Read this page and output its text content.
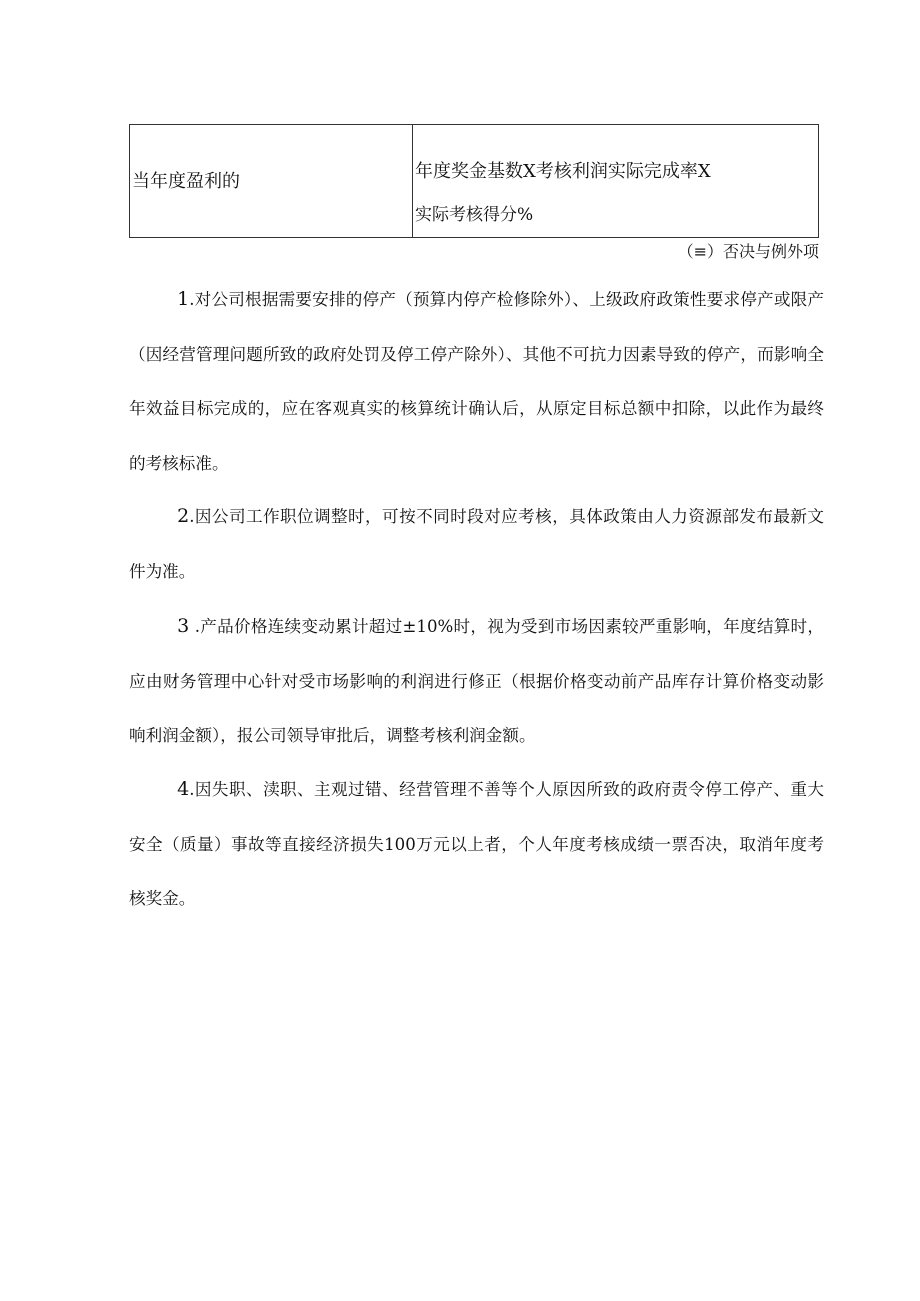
当年度盈利的	年度奖金基数X考核利润实际完成率X
实际考核得分%
（≡）否决与例外项

1.对公司根据需要安排的停产（预算内停产检修除外）、上级政府政策性要求停产或限产（因经营管理问题所致的政府处罚及停工停产除外）、其他不可抗力因素导致的停产，而影响全年效益目标完成的，应在客观真实的核算统计确认后，从原定目标总额中扣除，以此作为最终的考核标准。

2.因公司工作职位调整时，可按不同时段对应考核，具体政策由人力资源部发布最新文件为准。

3 .产品价格连续变动累计超过±10%时，视为受到市场因素较严重影响，年度结算时，应由财务管理中心针对受市场影响的利润进行修正（根据价格变动前产品库存计算价格变动影响利润金额），报公司领导审批后，调整考核利润金额。

4.因失职、渎职、主观过错、经营管理不善等个人原因所致的政府责令停工停产、重大安全（质量）事故等直接经济损失100万元以上者，个人年度考核成绩一票否决，取消年度考核奖金。
